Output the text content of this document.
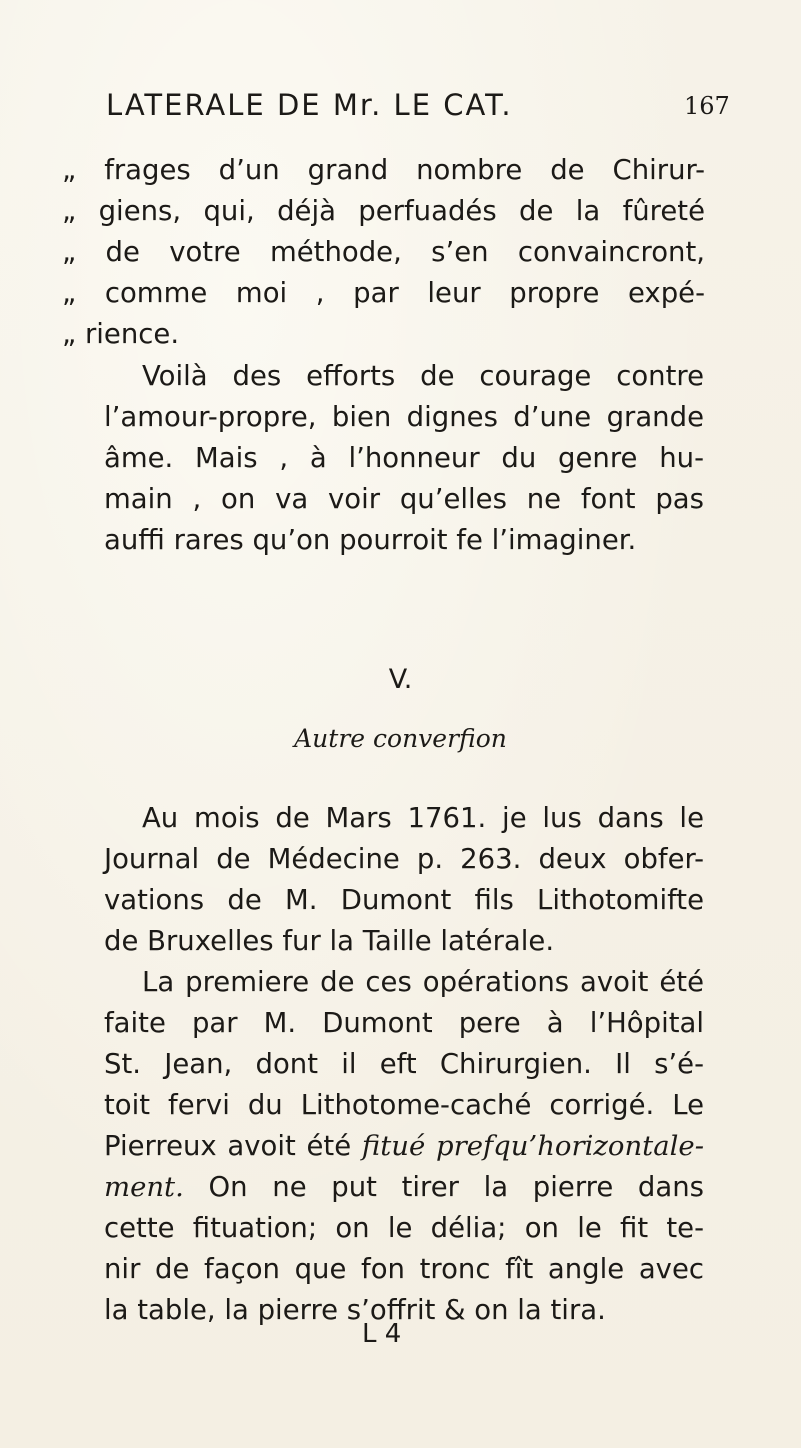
LATERALE DE Mr. LE CAT.	167
„ frages d’un grand nombre de Chirur-
„ giens, qui, déjà perfuadés de la fûreté
„ de votre méthode, s’en convaincront,
„ comme moi , par leur propre expé-
„ rience.
Voilà des efforts de courage contre
l’amour-propre, bien dignes d’une grande
âme. Mais , à l’honneur du genre hu-
main , on va voir qu’elles ne font pas
auffi rares qu’on pourroit fe l’imaginer.
V.
Autre converfion
Au mois de Mars 1761. je lus dans le
Journal de Médecine p. 263. deux obfer-
vations de M. Dumont fils Lithotomifte
de Bruxelles fur la Taille latérale.
La premiere de ces opérations avoit été
faite par M. Dumont pere à l’Hôpital
St. Jean, dont il eft Chirurgien. Il s’é-
toit fervi du Lithotome-caché corrigé. Le
Pierreux avoit été fitué prefqu’horizontale-
ment. On ne put tirer la pierre dans
cette fituation; on le délia; on le fit te-
nir de façon que fon tronc fît angle avec
la table, la pierre s’offrit & on la tira.
L 4
